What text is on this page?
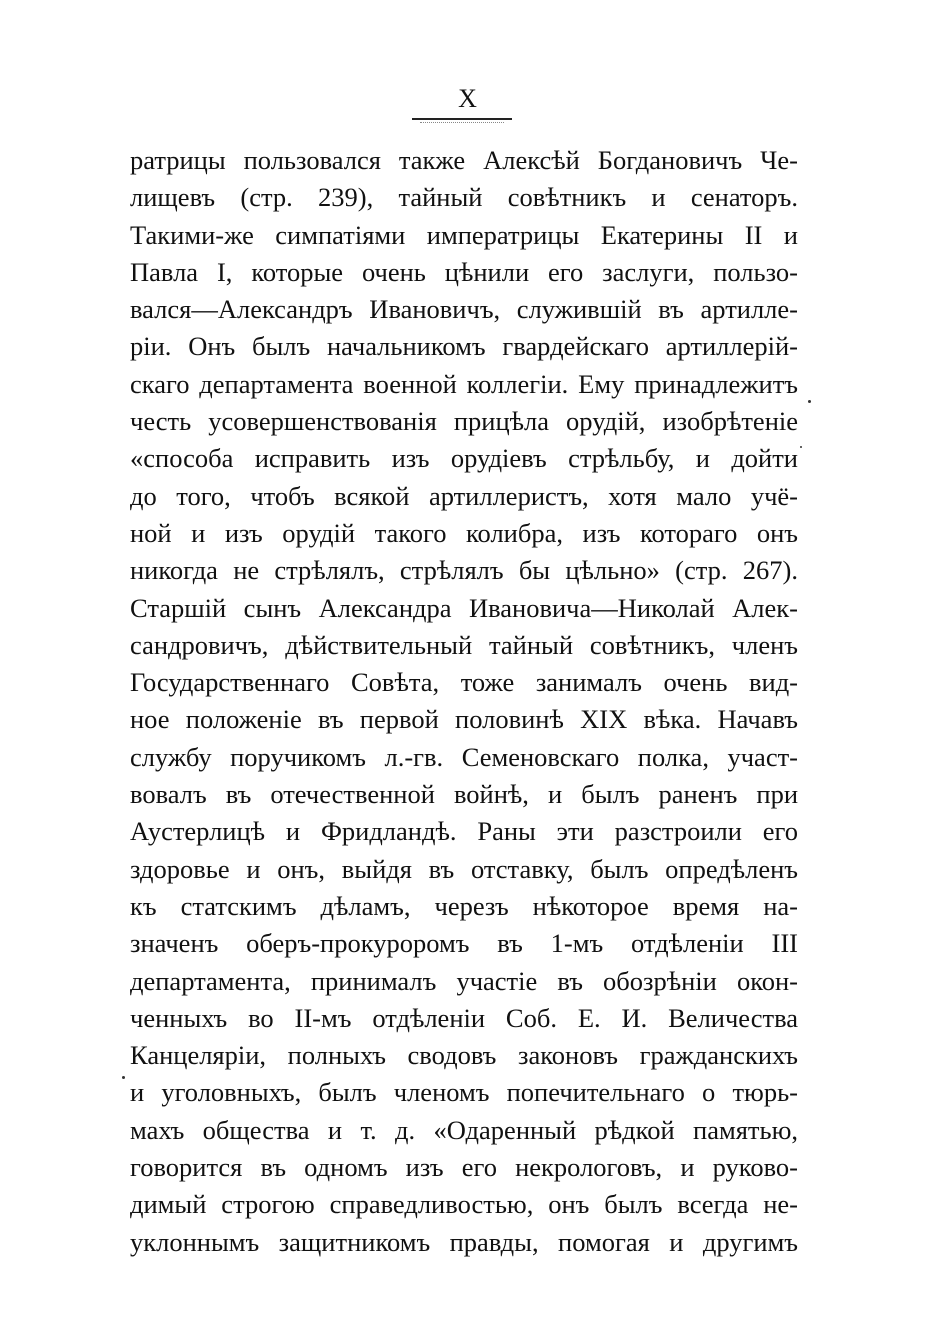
X
ратрицы пользовался также Алексѣй Богдановичъ Че-
лищевъ (стр. 239), тайный совѣтникъ и сенаторъ.
Такими-же симпатіями императрицы Екатерины II и
Павла I, которые очень цѣнили его заслуги, пользо-
вался—Александръ Ивановичъ, служившій въ артилле-
ріи. Онъ былъ начальникомъ гвардейскаго артиллерій-
скаго департамента военной коллегіи. Ему принадлежитъ
честь усовершенствованія прицѣла орудій, изобрѣтеніе
«способа исправить изъ орудіевъ стрѣльбу, и дойти
до того, чтобъ всякой артиллеристъ, хотя мало учё-
ной и изъ орудій такого колибра, изъ котораго онъ
никогда не стрѣлялъ, стрѣлялъ бы цѣльно» (стр. 267).
Старшій сынъ Александра Ивановича—Николай Алек-
сандровичъ, дѣйствительный тайный совѣтникъ, членъ
Государственнаго Совѣта, тоже занималъ очень вид-
ное положеніе въ первой половинѣ XIX вѣка. Начавъ
службу поручикомъ л.-гв. Семеновскаго полка, участ-
вовалъ въ отечественной войнѣ, и былъ раненъ при
Аустерлицѣ и Фридландѣ. Раны эти разстроили его
здоровье и онъ, выйдя въ отставку, былъ опредѣленъ
къ статскимъ дѣламъ, черезъ нѣкоторое время на-
значенъ оберъ-прокуроромъ въ 1-мъ отдѣленіи III
департамента, принималъ участіе въ обозрѣніи окон-
ченныхъ во II-мъ отдѣленіи Соб. Е. И. Величества
Канцеляріи, полныхъ сводовъ законовъ гражданскихъ
и уголовныхъ, былъ членомъ попечительнаго о тюрь-
махъ общества и т. д. «Одаренный рѣдкой памятью,
говорится въ одномъ изъ его некрологовъ, и руково-
димый строгою справедливостью, онъ былъ всегда не-
уклоннымъ защитникомъ правды, помогая и другимъ
